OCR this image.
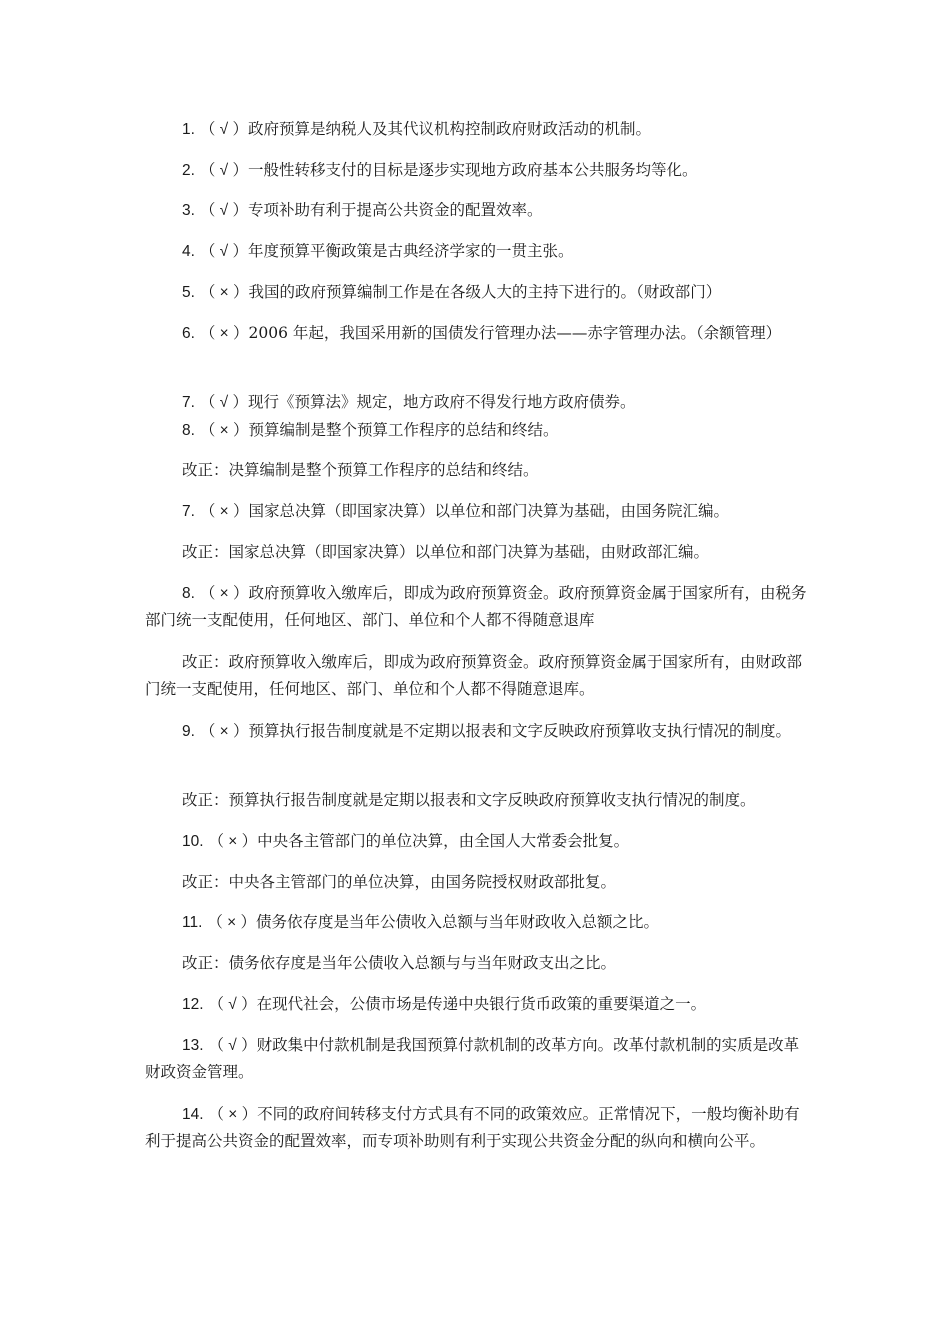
1. （ √ ）政府预算是纳税人及其代议机构控制政府财政活动的机制。

2. （ √ ）一般性转移支付的目标是逐步实现地方政府基本公共服务均等化。

3. （ √ ）专项补助有利于提高公共资金的配置效率。

4. （ √ ）年度预算平衡政策是古典经济学家的一贯主张。

5. （ × ）我国的政府预算编制工作是在各级人大的主持下进行的。（财政部门）

6. （ × ）2006 年起，我国采用新的国债发行管理办法——赤字管理办法。（余额管理）

7. （ √ ）现行《预算法》规定，地方政府不得发行地方政府债券。

8. （ × ）预算编制是整个预算工作程序的总结和终结。

改正：决算编制是整个预算工作程序的总结和终结。

7. （ × ）国家总决算（即国家决算）以单位和部门决算为基础，由国务院汇编。

改正：国家总决算（即国家决算）以单位和部门决算为基础，由财政部汇编。

8. （ × ）政府预算收入缴库后，即成为政府预算资金。政府预算资金属于国家所有，由税务部门统一支配使用，任何地区、部门、单位和个人都不得随意退库

改正：政府预算收入缴库后，即成为政府预算资金。政府预算资金属于国家所有，由财政部门统一支配使用，任何地区、部门、单位和个人都不得随意退库。

9. （ × ）预算执行报告制度就是不定期以报表和文字反映政府预算收支执行情况的制度。

改正：预算执行报告制度就是定期以报表和文字反映政府预算收支执行情况的制度。

10. （ × ）中央各主管部门的单位决算，由全国人大常委会批复。

改正：中央各主管部门的单位决算，由国务院授权财政部批复。

11. （ × ）债务依存度是当年公债收入总额与当年财政收入总额之比。

改正：债务依存度是当年公债收入总额与与当年财政支出之比。

12. （ √ ）在现代社会，公债市场是传递中央银行货币政策的重要渠道之一。

13. （ √ ）财政集中付款机制是我国预算付款机制的改革方向。改革付款机制的实质是改革财政资金管理。

14. （ × ）不同的政府间转移支付方式具有不同的政策效应。正常情况下，一般均衡补助有利于提高公共资金的配置效率，而专项补助则有利于实现公共资金分配的纵向和横向公平。
